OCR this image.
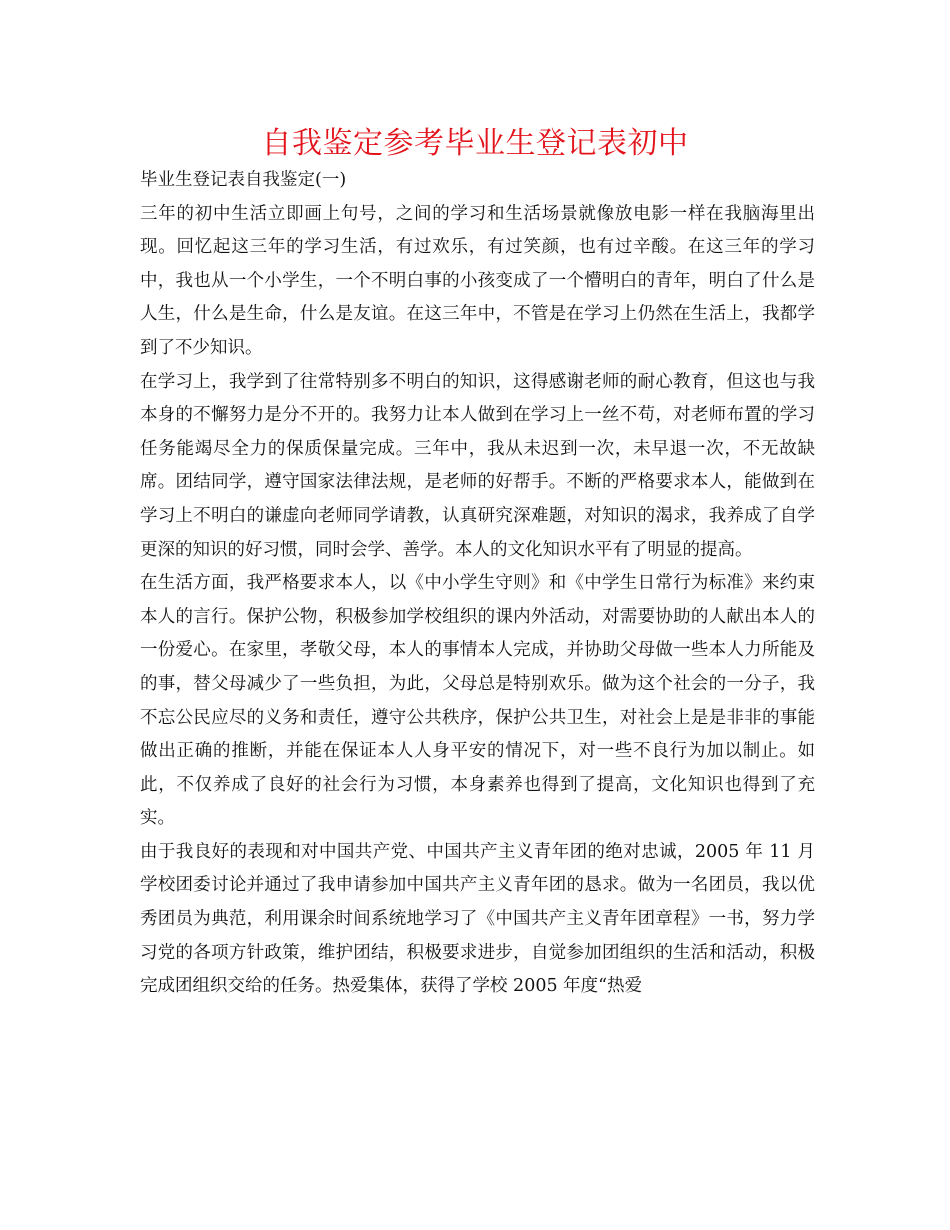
自我鉴定参考毕业生登记表初中

毕业生登记表自我鉴定(一)

三年的初中生活立即画上句号，之间的学习和生活场景就像放电影一样在我脑海里出现。回忆起这三年的学习生活，有过欢乐，有过笑颜，也有过辛酸。在这三年的学习中，我也从一个小学生，一个不明白事的小孩变成了一个懵明白的青年，明白了什么是人生，什么是生命，什么是友谊。在这三年中，不管是在学习上仍然在生活上，我都学到了不少知识。

在学习上，我学到了往常特别多不明白的知识，这得感谢老师的耐心教育，但这也与我本身的不懈努力是分不开的。我努力让本人做到在学习上一丝不苟，对老师布置的学习任务能竭尽全力的保质保量完成。三年中，我从未迟到一次，未早退一次，不无故缺席。团结同学，遵守国家法律法规，是老师的好帮手。不断的严格要求本人，能做到在学习上不明白的谦虚向老师同学请教，认真研究深难题，对知识的渴求，我养成了自学更深的知识的好习惯，同时会学、善学。本人的文化知识水平有了明显的提高。

在生活方面，我严格要求本人，以《中小学生守则》和《中学生日常行为标准》来约束本人的言行。保护公物，积极参加学校组织的课内外活动，对需要协助的人献出本人的一份爱心。在家里，孝敬父母，本人的事情本人完成，并协助父母做一些本人力所能及的事，替父母减少了一些负担，为此，父母总是特别欢乐。做为这个社会的一分子，我不忘公民应尽的义务和责任，遵守公共秩序，保护公共卫生，对社会上是是非非的事能做出正确的推断，并能在保证本人人身平安的情况下，对一些不良行为加以制止。如此，不仅养成了良好的社会行为习惯，本身素养也得到了提高，文化知识也得到了充实。

由于我良好的表现和对中国共产党、中国共产主义青年团的绝对忠诚，2005 年 11 月学校团委讨论并通过了我申请参加中国共产主义青年团的恳求。做为一名团员，我以优秀团员为典范，利用课余时间系统地学习了《中国共产主义青年团章程》一书，努力学习党的各项方针政策，维护团结，积极要求进步，自觉参加团组织的生活和活动，积极完成团组织交给的任务。热爱集体，获得了学校 2005 年度“热爱
